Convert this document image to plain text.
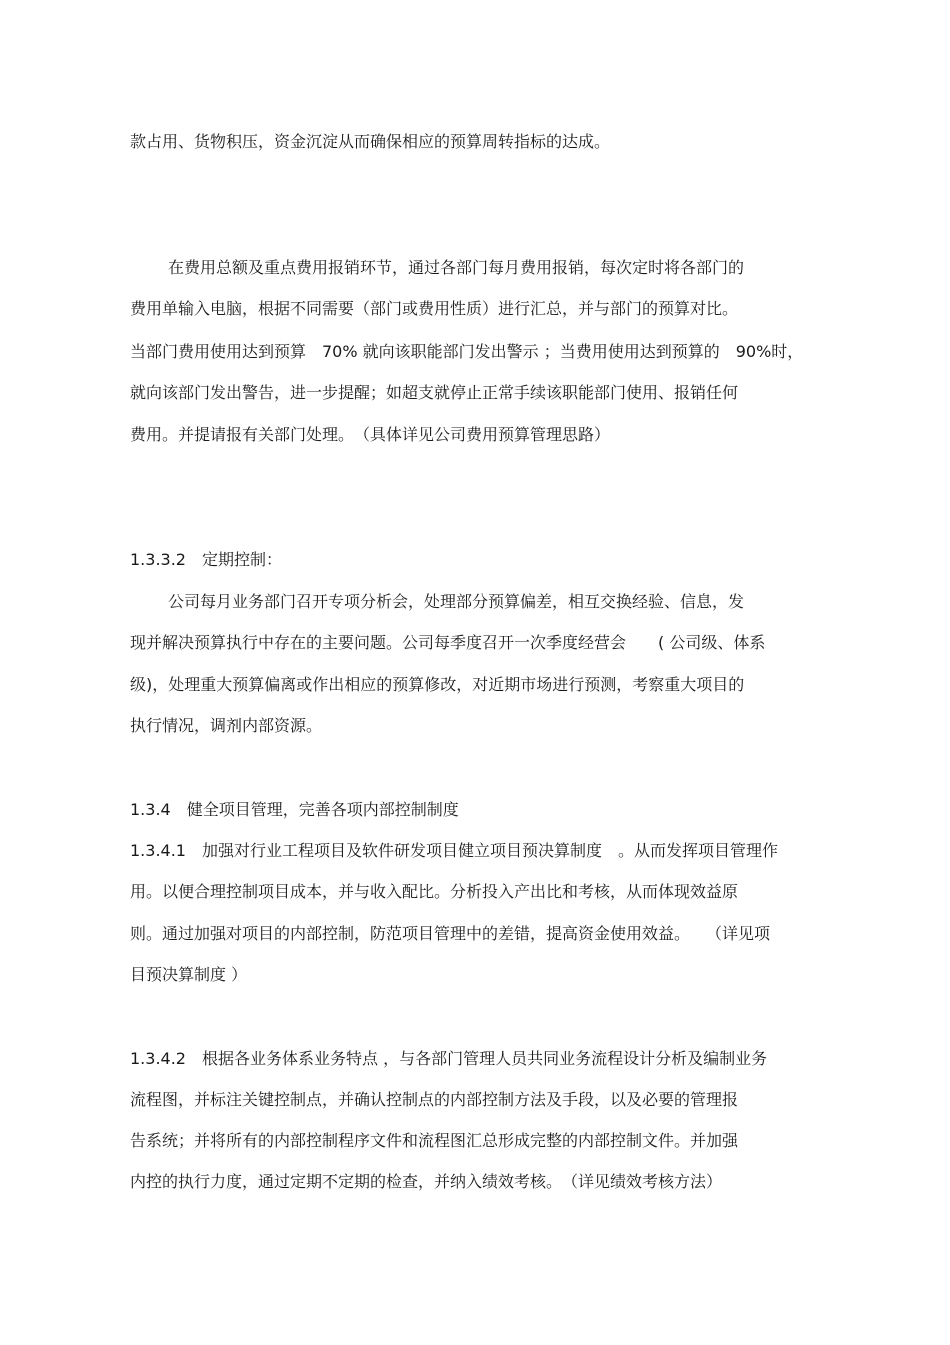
款占用、货物积压，资金沉淀从而确保相应的预算周转指标的达成。
在费用总额及重点费用报销环节，通过各部门每月费用报销，每次定时将各部门的
费用单输入电脑，根据不同需要（部门或费用性质）进行汇总，并与部门的预算对比。
当部门费用使用达到预算　70% 就向该职能部门发出警示 ；当费用使用达到预算的　90%时，
就向该部门发出警告，进一步提醒；如超支就停止正常手续该职能部门使用、报销任何
费用。并提请报有关部门处理。　（具体详见公司费用预算管理思路）
1.3.3.2　定期控制：
公司每月业务部门召开专项分析会，处理部分预算偏差，相互交换经验、信息，发
现并解决预算执行中存在的主要问题。公司每季度召开一次季度经营会　　( 公司级、体系
级)，处理重大预算偏离或作出相应的预算修改，对近期市场进行预测，考察重大项目的
执行情况，调剂内部资源。
1.3.4　健全项目管理，完善各项内部控制制度
1.3.4.1　加强对行业工程项目及软件研发项目健立项目预决算制度　。从而发挥项目管理作
用。以便合理控制项目成本，并与收入配比。分析投入产出比和考核，从而体现效益原
则。通过加强对项目的内部控制，防范项目管理中的差错，提高资金使用效益。　　（详见项
目预决算制度 ）
1.3.4.2　根据各业务体系业务特点 ，与各部门管理人员共同业务流程设计分析及编制业务
流程图，并标注关键控制点，并确认控制点的内部控制方法及手段，以及必要的管理报
告系统；并将所有的内部控制程序文件和流程图汇总形成完整的内部控制文件。并加强
内控的执行力度，通过定期不定期的检查，并纳入绩效考核。　（详见绩效考核方法）
